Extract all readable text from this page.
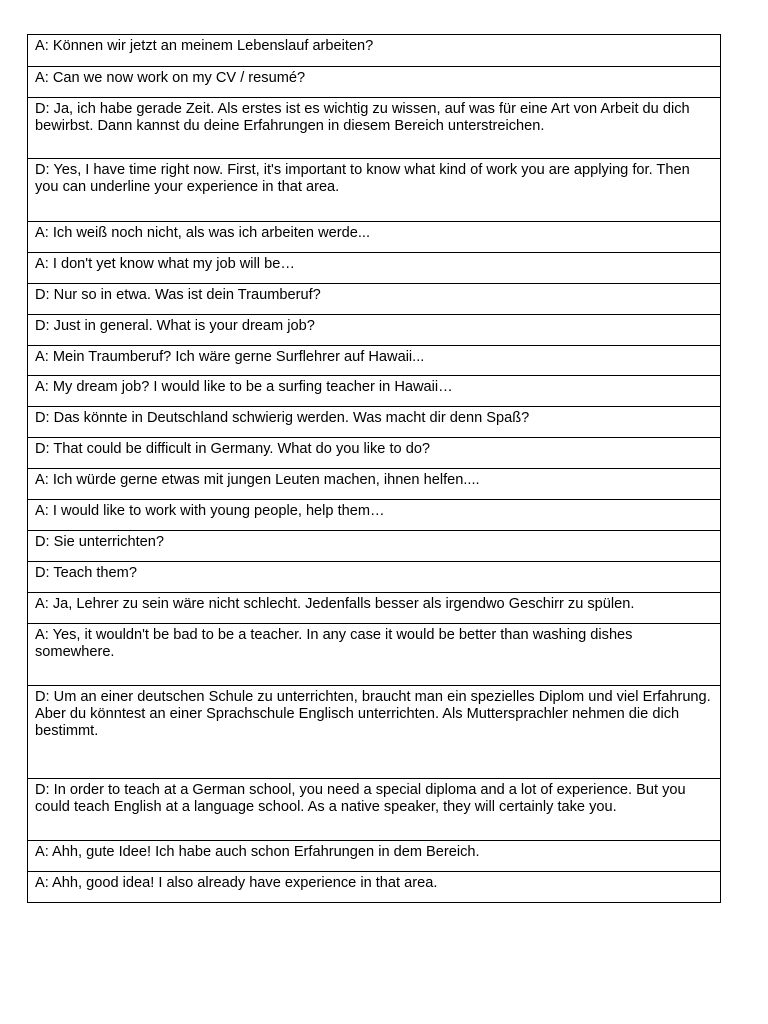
A: Können wir jetzt an meinem Lebenslauf arbeiten?

A: Can we now work on my CV / resumé?

D: Ja, ich habe gerade Zeit. Als erstes ist es wichtig zu wissen, auf was für eine Art von Arbeit du dich bewirbst. Dann kannst du deine Erfahrungen in diesem Bereich unterstreichen.

D: Yes, I have time right now. First, it's important to know what kind of work you are applying for. Then you can underline your experience in that area.

A: Ich weiß noch nicht, als was ich arbeiten werde...

A: I don't yet know what my job will be…

D: Nur so in etwa. Was ist dein Traumberuf?

D: Just in general. What is your dream job?

A: Mein Traumberuf? Ich wäre gerne Surflehrer auf Hawaii...

A: My dream job? I would like to be a surfing teacher in Hawaii…

D: Das könnte in Deutschland schwierig werden. Was macht dir denn Spaß?

D: That could be difficult in Germany. What do you like to do?

A: Ich würde gerne etwas mit jungen Leuten machen, ihnen helfen....

A: I would like to work with young people, help them…

D: Sie unterrichten?

D: Teach them?

A: Ja, Lehrer zu sein wäre nicht schlecht. Jedenfalls besser als irgendwo Geschirr zu spülen.

A: Yes, it wouldn't be bad to be a teacher. In any case it would be better than washing dishes somewhere.

D: Um an einer deutschen Schule zu unterrichten, braucht man ein spezielles Diplom und viel Erfahrung. Aber du könntest an einer Sprachschule Englisch unterrichten. Als Muttersprachler nehmen die dich bestimmt.

D: In order to teach at a German school, you need a special diploma and a lot of experience. But you could teach English at a language school. As a native speaker, they will certainly take you.

A: Ahh, gute Idee! Ich habe auch schon Erfahrungen in dem Bereich.

A: Ahh, good idea! I also already have experience in that area.
